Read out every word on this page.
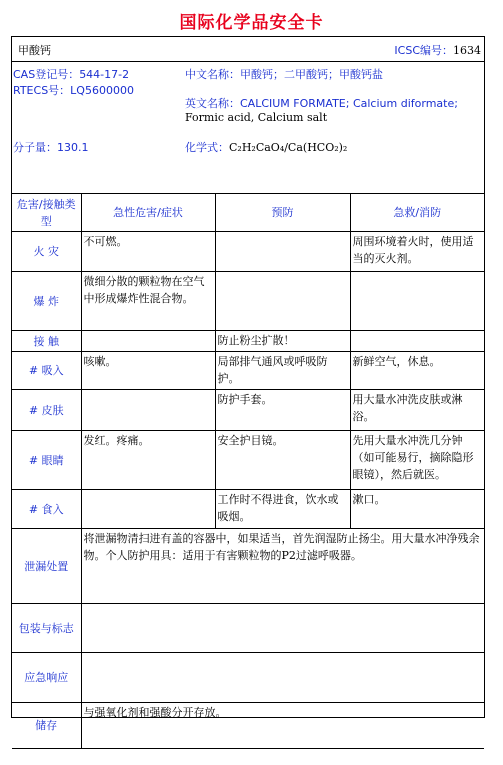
国际化学品安全卡
甲酸钙	ICSC编号：1634
CAS登记号：544-17-2
RTECS号：LQ5600000
中文名称：甲酸钙；二甲酸钙；甲酸钙盐
英文名称：CALCIUM FORMATE; Calcium diformate;
Formic acid, Calcium salt
分子量：130.1	化学式：C₂H₂CaO₄/Ca(HCO₂)₂
危害/接触类型	急性危害/症状	预防	急救/消防
火 灾	不可燃。		周围环境着火时，使用适当的灭火剂。
爆 炸	微细分散的颗粒物在空气中形成爆炸性混合物。		
接 触		防止粉尘扩散！	
# 吸入	咳嗽。	局部排气通风或呼吸防护。	新鲜空气，休息。
# 皮肤		防护手套。	用大量水冲洗皮肤或淋浴。
# 眼睛	发红。疼痛。	安全护目镜。	先用大量水冲洗几分钟（如可能易行，摘除隐形眼镜），然后就医。
# 食入		工作时不得进食，饮水或吸烟。	漱口。
泄漏处置	将泄漏物清扫进有盖的容器中，如果适当，首先润湿防止扬尘。用大量水冲净残余物。个人防护用具：适用于有害颗粒物的P2过滤呼吸器。		
包装与标志			
应急响应			
储存	与强氧化剂和强酸分开存放。		
